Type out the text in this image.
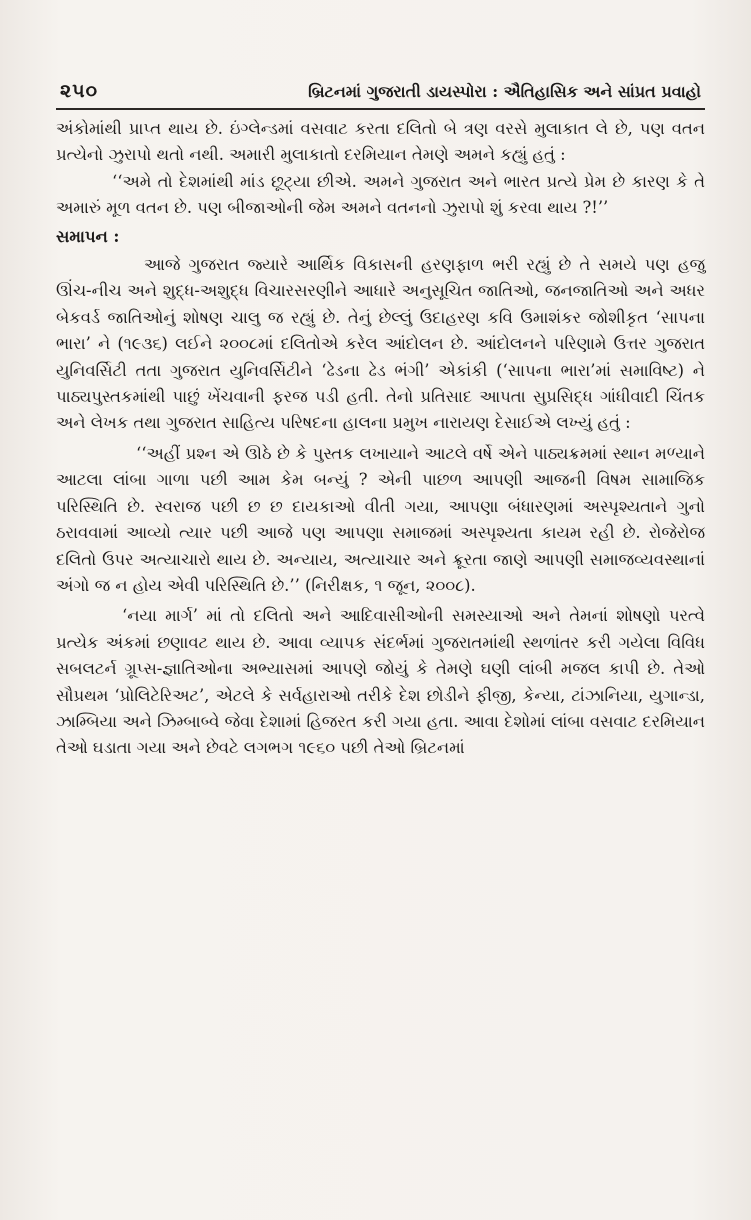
૨૫૦	બ્રિટનમાં ગુજરાતી ડાયસ્પોરા : ઐતિહાસિક અને સાંપ્રત પ્રવાહો

અંકોમાંથી પ્રાપ્ત થાય છે. ઇંગ્લેન્ડમાં વસવાટ કરતા દલિતો બે ત્રણ વરસે મુલાકાત લે છે, પણ વતન પ્રત્યેનો ઝુરાપો થતો નથી. અમારી મુલાકાતો દરમિયાન તેમણે અમને કહ્યું હતું :

‘‘અમે તો દેશમાંથી માંડ છૂટ્યા છીએ. અમને ગુજરાત અને ભારત પ્રત્યે પ્રેમ છે કારણ કે તે અમારું મૂળ વતન છે. પણ બીજાઓની જેમ અમને વતનનો ઝુરાપો શું કરવા થાય ?!’’

સમાપન :

આજે ગુજરાત જ્યારે આર્થિક વિકાસની હરણફાળ ભરી રહ્યું છે તે સમયે પણ હજુ ઊંચ-નીચ અને શુદ્ધ-અશુદ્ધ વિચારસરણીને આધારે અનુસૂચિત જાતિઓ, જનજાતિઓ અને અધર બેકવર્ડ જાતિઓનું શોષણ ચાલુ જ રહ્યું છે. તેનું છેલ્લું ઉદાહરણ કવિ ઉમાશંકર જોશીકૃત ‘સાપના ભારા’ ને (૧૯૩૬) લઈને ૨૦૦૮માં દલિતોએ કરેલ આંદોલન છે. આંદોલનને પરિણામે ઉત્તર ગુજરાત યુનિવર્સિટી તતા ગુજરાત યુનિવર્સિટીને ‘ઢેડના ઢેડ ભંગી’ એકાંકી (‘સાપના ભારા’માં સમાવિષ્ટ) ને પાઠ્યપુસ્તકમાંથી પાછું ખેંચવાની ફરજ પડી હતી. તેનો પ્રતિસાદ આપતા સુપ્રસિદ્ધ ગાંધીવાદી ચિંતક અને લેખક તથા ગુજરાત સાહિત્ય પરિષદના હાલના પ્રમુખ નારાયણ દેસાઈએ લખ્યું હતું :

‘‘અહીં પ્રશ્ન એ ઊઠે છે કે પુસ્તક લખાયાને આટલે વર્ષે એને પાઠ્યક્રમમાં સ્થાન મળ્યાને આટલા લાંબા ગાળા પછી આમ કેમ બન્યું ? એની પાછળ આપણી આજની વિષમ સામાજિક પરિસ્થિતિ છે. સ્વરાજ પછી છ છ દાયકાઓ વીતી ગયા, આપણા બંધારણમાં અસ્પૃશ્યતાને ગુનો ઠરાવવામાં આવ્યો ત્યાર પછી આજે પણ આપણા સમાજમાં અસ્પૃશ્યતા કાયમ રહી છે. રોજેરોજ દલિતો ઉપર અત્યાચારો થાય છે. અન્યાય, અત્યાચાર અને ક્રૂરતા જાણે આપણી સમાજવ્યવસ્થાનાં અંગો જ ન હોય એવી પરિસ્થિતિ છે.’’ (નિરીક્ષક, ૧ જૂન, ૨૦૦૮).

‘નયા માર્ગ’ માં તો દલિતો અને આદિવાસીઓની સમસ્યાઓ અને તેમનાં શોષણો પરત્વે પ્રત્યેક અંકમાં છણાવટ થાય છે. આવા વ્યાપક સંદર્ભમાં ગુજરાતમાંથી સ્થળાંતર કરી ગયેલા વિવિધ સબલટર્ન ગ્રૂપ્સ-જ્ઞાતિઓના અભ્યાસમાં આપણે જોયું કે તેમણે ઘણી લાંબી મજલ કાપી છે. તેઓ સૌપ્રથમ ‘પ્રોલિટેરિઅટ’, એટલે કે સર્વહારાઓ તરીકે દેશ છોડીને ફીજી, કેન્યા, ટાંઝાનિયા, યુગાન્ડા, ઝામ્બિયા અને ઝિમ્બાબ્વે જેવા દેશામાં હિજરત કરી ગયા હતા. આવા દેશોમાં લાંબા વસવાટ દરમિયાન તેઓ ઘડાતા ગયા અને છેવટે લગભગ ૧૯૬૦ પછી તેઓ બ્રિટનમાં
